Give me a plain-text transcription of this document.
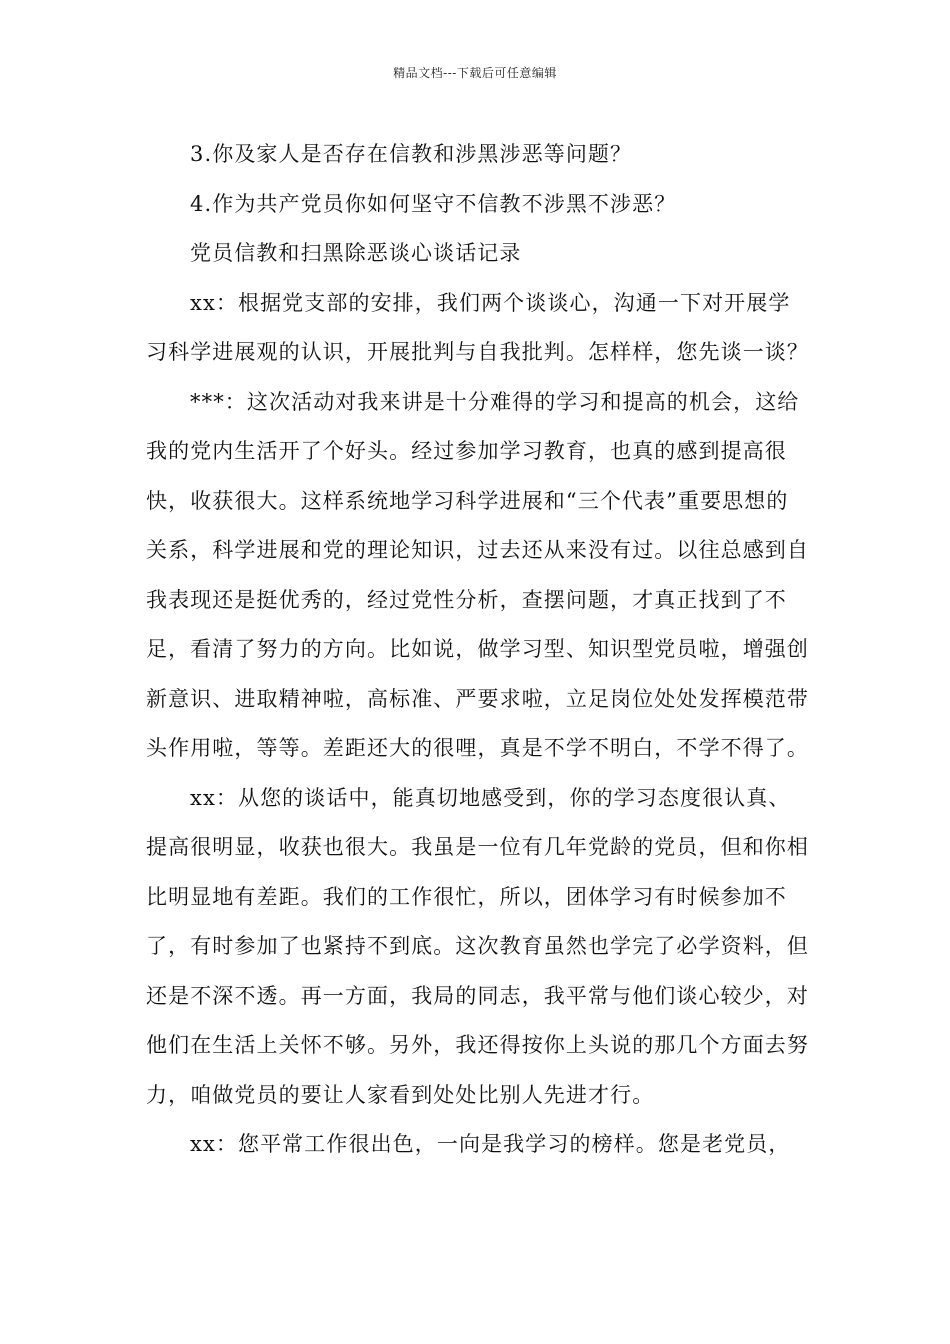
精品文档---下载后可任意编辑

3.你及家人是否存在信教和涉黑涉恶等问题？

4.作为共产党员你如何坚守不信教不涉黑不涉恶？

党员信教和扫黑除恶谈心谈话记录

xx：根据党支部的安排，我们两个谈谈心，沟通一下对开展学习科学进展观的认识，开展批判与自我批判。怎样样，您先谈一谈？

***：这次活动对我来讲是十分难得的学习和提高的机会，这给我的党内生活开了个好头。经过参加学习教育，也真的感到提高很快，收获很大。这样系统地学习科学进展和“三个代表”重要思想的关系，科学进展和党的理论知识，过去还从来没有过。以往总感到自我表现还是挺优秀的，经过党性分析，查摆问题，才真正找到了不足，看清了努力的方向。比如说，做学习型、知识型党员啦，增强创新意识、进取精神啦，高标准、严要求啦，立足岗位处处发挥模范带头作用啦，等等。差距还大的很哩，真是不学不明白，不学不得了。

xx：从您的谈话中，能真切地感受到，你的学习态度很认真、提高很明显，收获也很大。我虽是一位有几年党龄的党员，但和你相比明显地有差距。我们的工作很忙，所以，团体学习有时候参加不了，有时参加了也紧持不到底。这次教育虽然也学完了必学资料，但还是不深不透。再一方面，我局的同志，我平常与他们谈心较少，对他们在生活上关怀不够。另外，我还得按你上头说的那几个方面去努力，咱做党员的要让人家看到处处比别人先进才行。

xx：您平常工作很出色，一向是我学习的榜样。您是老党员，
